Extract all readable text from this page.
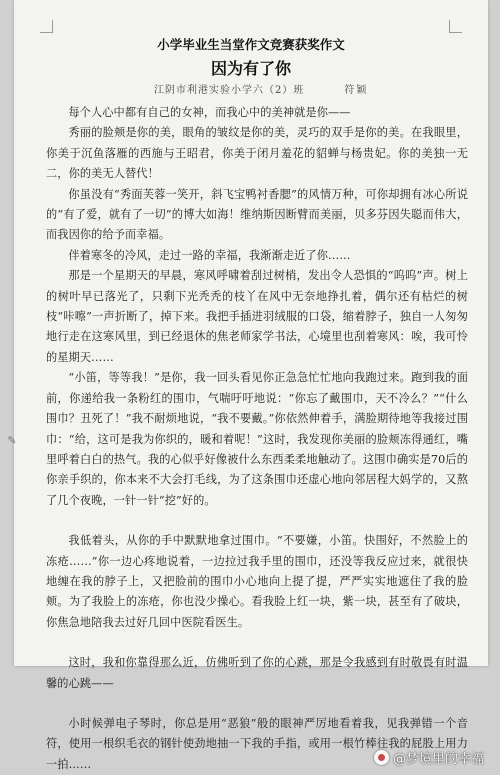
✎
小学毕业生当堂作文竞赛获奖作文
因为有了你
江阴市利港实验小学六（2）班	符颖

每个人心中都有自己的女神，而我心中的美神就是你——

秀丽的脸颊是你的美，眼角的皱纹是你的美，灵巧的双手是你的美。在我眼里，你美于沉鱼落雁的西施与王昭君，你美于闭月羞花的貂蝉与杨贵妃。你的美独一无二，你的美无人替代！

你虽没有“秀面芙蓉一笑开，斜飞宝鸭衬香腮”的风情万种，可你却拥有冰心所说的“有了爱，就有了一切”的博大如海！维纳斯因断臂而美丽，贝多芬因失聪而伟大，而我因你的给予而幸福。

伴着寒冬的冷风，走过一路的幸福，我渐渐走近了你……

那是一个星期天的早晨，寒风呼啸着刮过树梢，发出令人恐惧的“呜呜”声。树上的树叶早已落光了，只剩下光秃秃的枝丫在风中无奈地挣扎着，偶尔还有枯烂的树枝“咔嚓”一声折断了，掉下来。我把手插进羽绒服的口袋，缩着脖子，独自一人匆匆地行走在这寒风里，到已经退休的焦老师家学书法，心境里也刮着寒风：唉，我可怜的星期天……

“小笛，等等我！”是你，我一回头看见你正急急忙忙地向我跑过来。跑到我的面前，你递给我一条粉红的围巾，气喘吁吁地说：“你忘了戴围巾，天不冷么？”“什么围巾？丑死了！”我不耐烦地说，“我不要戴。”你依然伸着手，满脸期待地等我接过围巾：“给，这可是我为你织的，暖和着呢！”这时，我发现你美丽的脸颊冻得通红，嘴里呼着白白的热气。我的心似乎好像被什么东西柔柔地触动了。这围巾确实是70后的你亲手织的，你本来不大会打毛线，为了这条围巾还虚心地向邻居程大妈学的，又熬了几个夜晚，一针一针“挖”好的。

我低着头，从你的手中默默地拿过围巾。“不要嫌，小笛。快围好，不然脸上的冻疮……”你一边心疼地说着，一边拉过我手里的围巾，还没等我反应过来，就很快地缠在我的脖子上，又把脸前的围巾小心地向上提了提，严严实实地遮住了我的脸颊。为了我脸上的冻疮，你也没少操心。看我脸上红一块，紫一块，甚至有了破块，你焦急地陪我去过好几回中医院看医生。

这时，我和你靠得那么近，仿佛听到了你的心跳，那是令我感到有时敬畏有时温馨的心跳——

小时候弹电子琴时，你总是用“恶狼”般的眼神严厉地看着我，见我弹错一个音符，使用一根织毛衣的钢针使劲地抽一下我的手指，或用一根竹棒往我的屁股上用力一拍……	@梦境里的幸福
